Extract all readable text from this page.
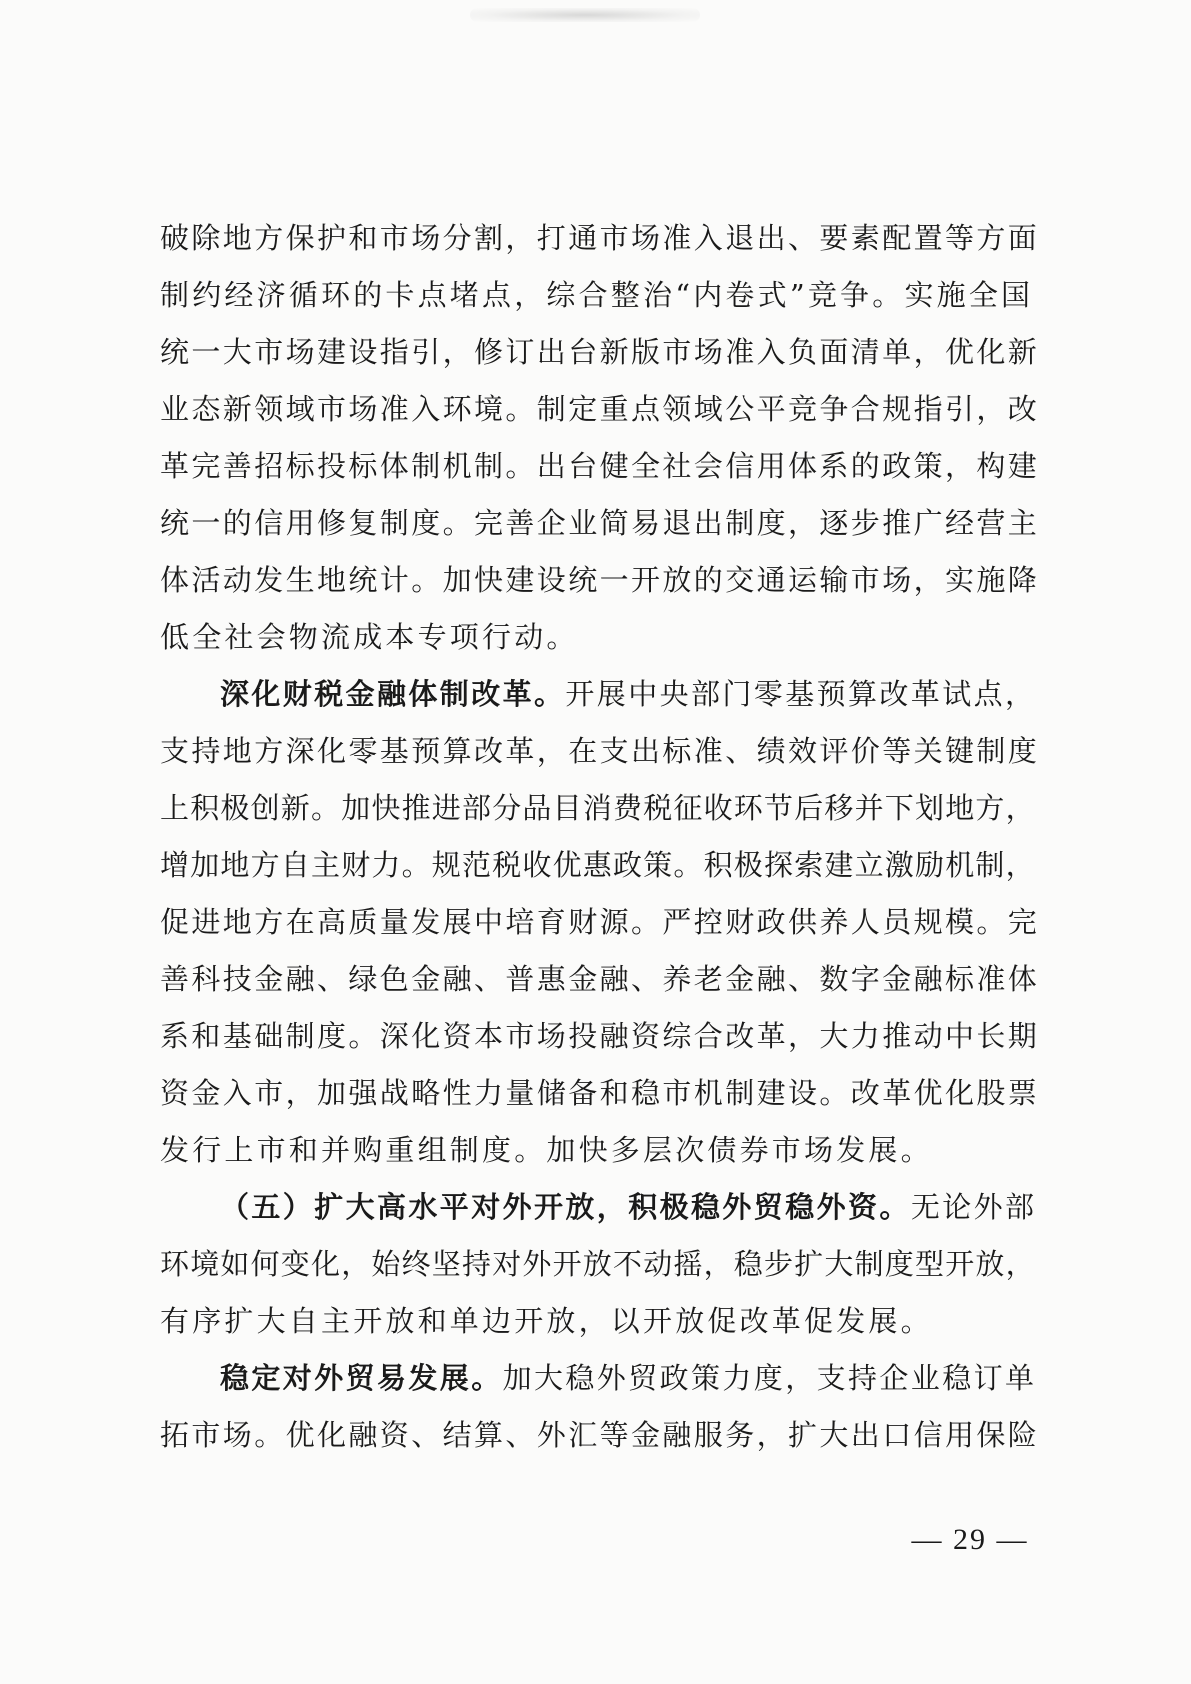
破除地方保护和市场分割，打通市场准入退出、要素配置等方面
制约经济循环的卡点堵点，综合整治“内卷式”竞争。实施全国
统一大市场建设指引，修订出台新版市场准入负面清单，优化新
业态新领域市场准入环境。制定重点领域公平竞争合规指引，改
革完善招标投标体制机制。出台健全社会信用体系的政策，构建
统一的信用修复制度。完善企业简易退出制度，逐步推广经营主
体活动发生地统计。加快建设统一开放的交通运输市场，实施降
低全社会物流成本专项行动。
深化财税金融体制改革。开展中央部门零基预算改革试点，
支持地方深化零基预算改革，在支出标准、绩效评价等关键制度
上积极创新。加快推进部分品目消费税征收环节后移并下划地方，
增加地方自主财力。规范税收优惠政策。积极探索建立激励机制，
促进地方在高质量发展中培育财源。严控财政供养人员规模。完
善科技金融、绿色金融、普惠金融、养老金融、数字金融标准体
系和基础制度。深化资本市场投融资综合改革，大力推动中长期
资金入市，加强战略性力量储备和稳市机制建设。改革优化股票
发行上市和并购重组制度。加快多层次债券市场发展。
（五）扩大高水平对外开放，积极稳外贸稳外资。无论外部
环境如何变化，始终坚持对外开放不动摇，稳步扩大制度型开放，
有序扩大自主开放和单边开放，以开放促改革促发展。
稳定对外贸易发展。加大稳外贸政策力度，支持企业稳订单
拓市场。优化融资、结算、外汇等金融服务，扩大出口信用保险
— 29 —
